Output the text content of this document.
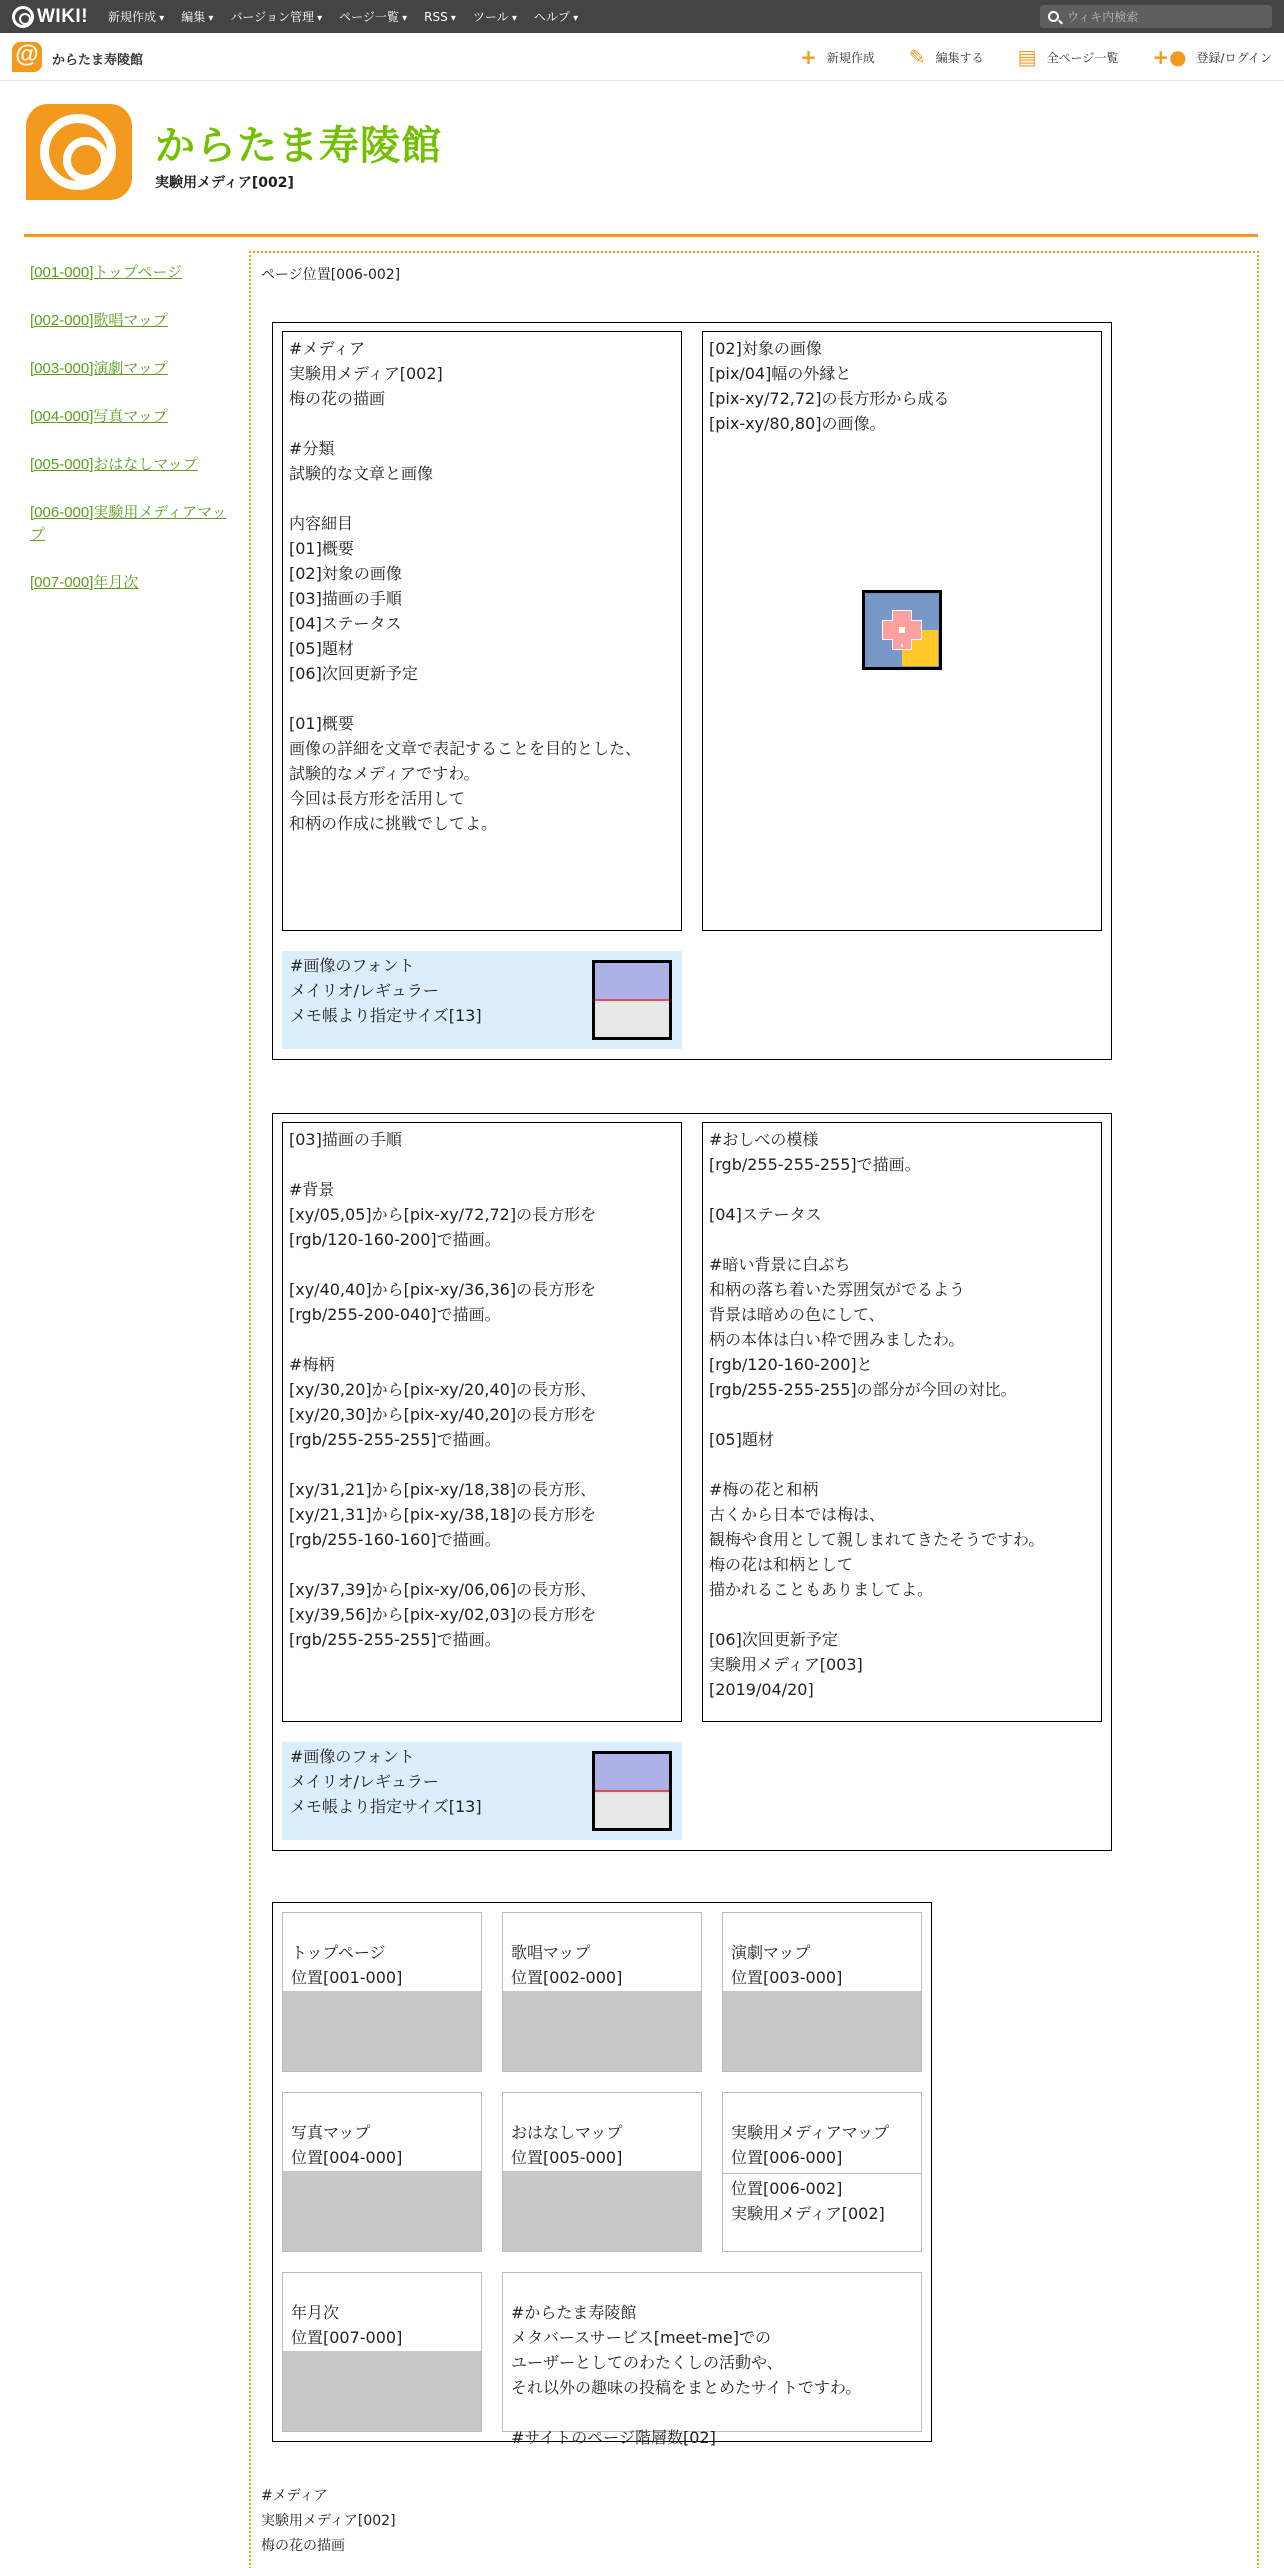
WIKI! 新規作成 ▾	編集 ▾	バージョン管理 ▾	ページ一覧 ▾	RSS ▾	ツール ▾	ヘルプ ▾
ウィキ内検索
@
からたま寿陵館	+ 新規作成 ✎ 編集する ▤ 全ページ一覧 +● 登録/ログイン
からたま寿陵館
実験用メディア[002]
[001-000]トップページ
[002-000]歌唱マップ
[003-000]演劇マップ
[004-000]写真マップ
[005-000]おはなしマップ
[006-000]実験用メディアマップ
[007-000]年月次
ページ位置[006-002]
#メディア
実験用メディア[002]
梅の花の描画

#分類
試験的な文章と画像

内容細目
[01]概要
[02]対象の画像
[03]描画の手順
[04]ステータス
[05]題材
[06]次回更新予定

[01]概要
画像の詳細を文章で表記することを目的とした、
試験的なメディアですわ。
今回は長方形を活用して
和柄の作成に挑戦でしてよ。
[02]対象の画像
[pix/04]幅の外縁と
[pix-xy/72,72]の長方形から成る
[pix-xy/80,80]の画像。
#画像のフォント
メイリオ/レギュラー
メモ帳より指定サイズ[13]
[03]描画の手順

#背景
[xy/05,05]から[pix-xy/72,72]の長方形を
[rgb/120-160-200]で描画。

[xy/40,40]から[pix-xy/36,36]の長方形を
[rgb/255-200-040]で描画。

#梅柄
[xy/30,20]から[pix-xy/20,40]の長方形、
[xy/20,30]から[pix-xy/40,20]の長方形を
[rgb/255-255-255]で描画。

[xy/31,21]から[pix-xy/18,38]の長方形、
[xy/21,31]から[pix-xy/38,18]の長方形を
[rgb/255-160-160]で描画。

[xy/37,39]から[pix-xy/06,06]の長方形、
[xy/39,56]から[pix-xy/02,03]の長方形を
[rgb/255-255-255]で描画。
#おしべの模様
[rgb/255-255-255]で描画。

[04]ステータス

#暗い背景に白ぶち
和柄の落ち着いた雰囲気がでるよう
背景は暗めの色にして、
柄の本体は白い枠で囲みましたわ。
[rgb/120-160-200]と
[rgb/255-255-255]の部分が今回の対比。

[05]題材

#梅の花と和柄
古くから日本では梅は、
観梅や食用として親しまれてきたそうですわ。
梅の花は和柄として
描かれることもありましてよ。

[06]次回更新予定
実験用メディア[003]
[2019/04/20]
#画像のフォント
メイリオ/レギュラー
メモ帳より指定サイズ[13]

トップページ
位置[001-000]

歌唱マップ
位置[002-000]

演劇マップ
位置[003-000]

写真マップ
位置[004-000]

おはなしマップ
位置[005-000]

実験用メディアマップ
位置[006-000]

位置[006-002]
実験用メディア[002]

年月次
位置[007-000]

#からたま寿陵館
メタバースサービス[meet-me]での
ユーザーとしてのわたくしの活動や、
それ以外の趣味の投稿をまとめたサイトですわ。

#サイトのページ階層数[02]

#メディア
実験用メディア[002]
梅の花の描画
